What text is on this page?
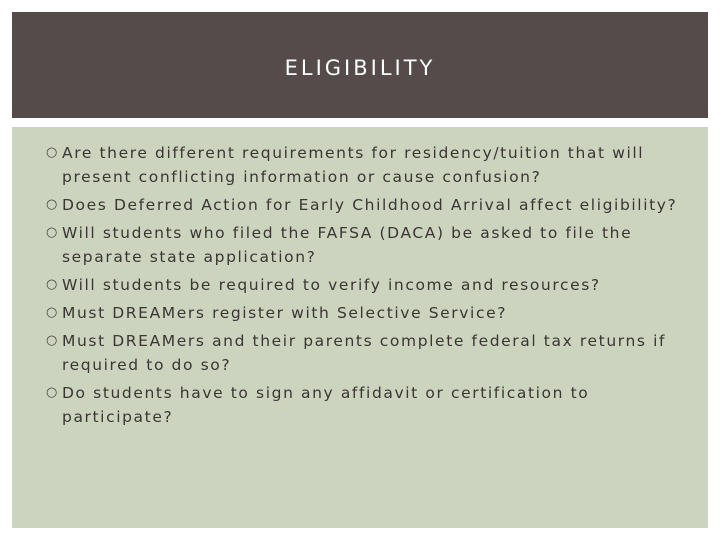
ELIGIBILITY
○ Are there different requirements for residency/tuition that will present conflicting information or cause confusion?
○ Does Deferred Action for Early Childhood Arrival affect eligibility?
○ Will students who filed the FAFSA (DACA) be asked to file the separate state application?
○ Will students be required to verify income and resources?
○ Must DREAMers register with Selective Service?
○ Must DREAMers and their parents complete federal tax returns if required to do so?
○ Do students have to sign any affidavit or certification to participate?
